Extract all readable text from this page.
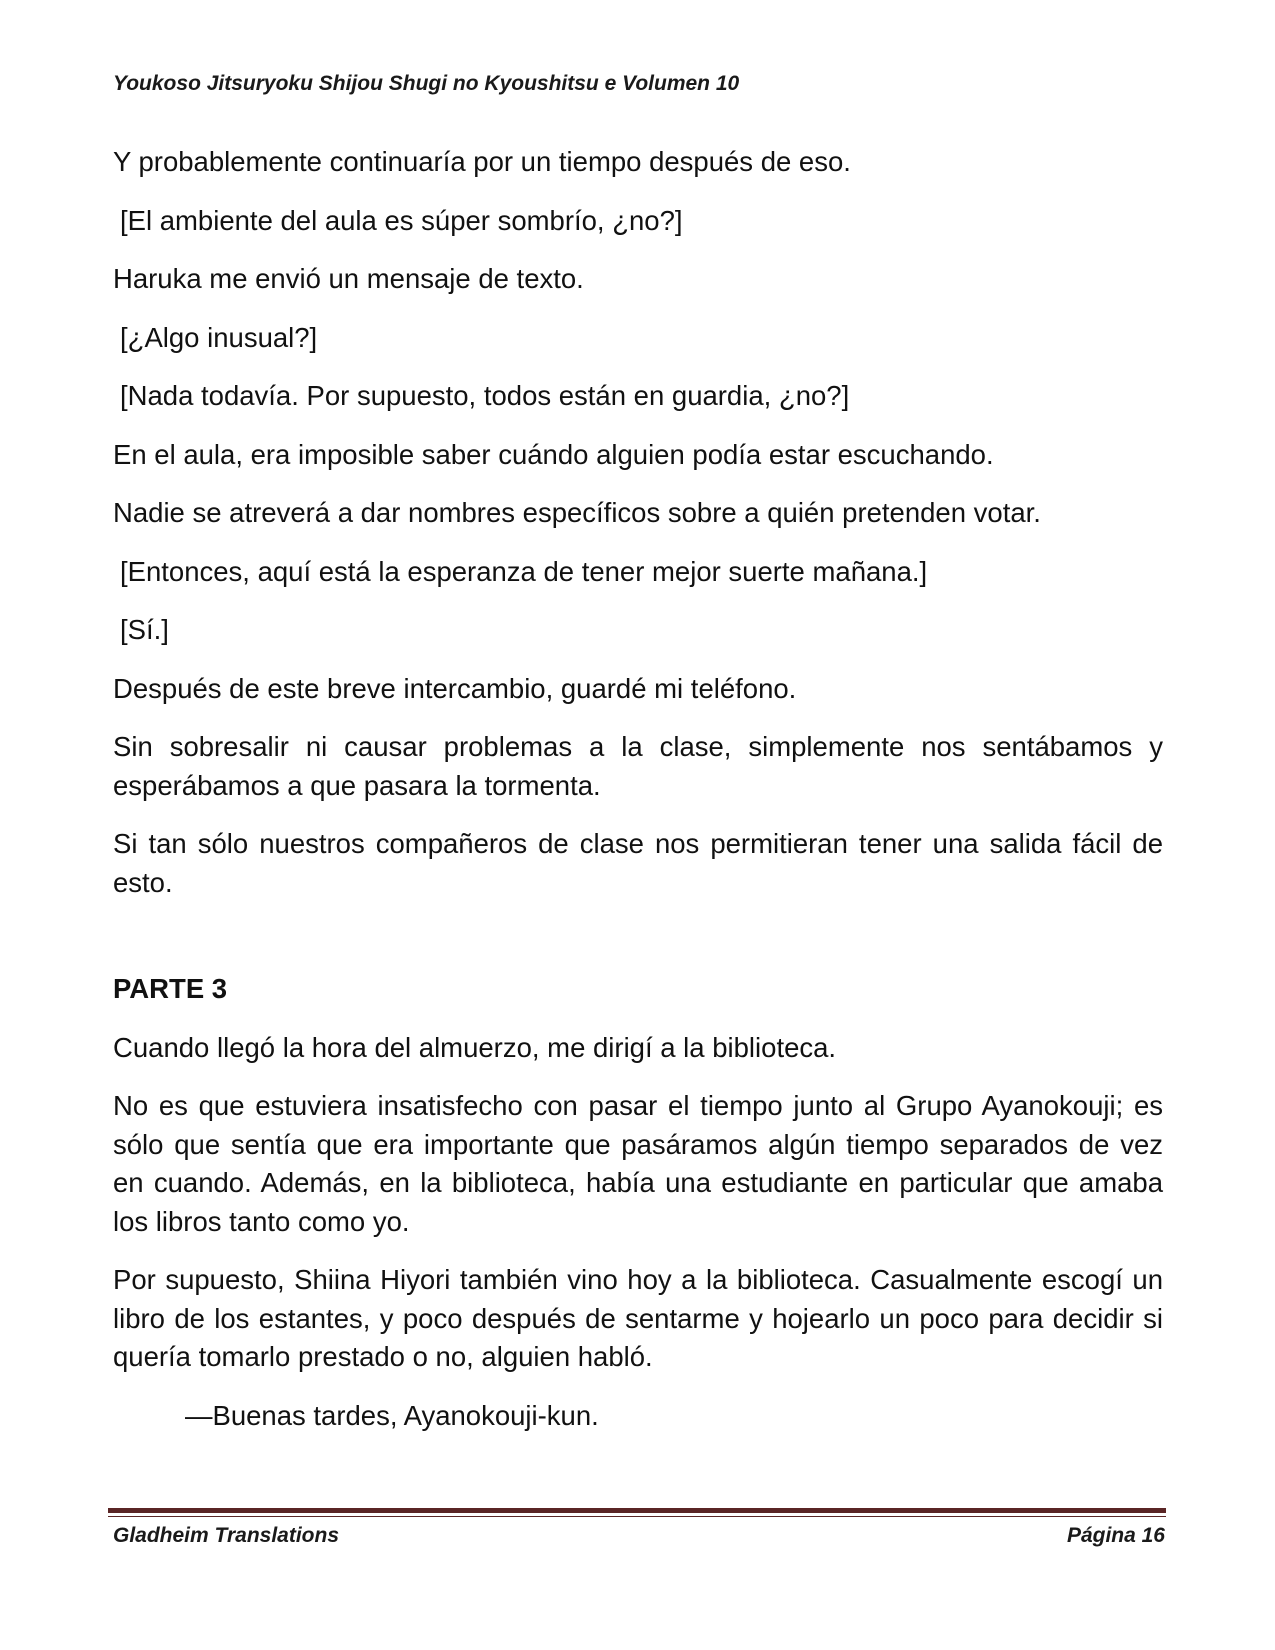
Youkoso Jitsuryoku Shijou Shugi no Kyoushitsu e Volumen 10

Y probablemente continuaría por un tiempo después de eso.

[El ambiente del aula es súper sombrío, ¿no?]

Haruka me envió un mensaje de texto.

[¿Algo inusual?]

[Nada todavía. Por supuesto, todos están en guardia, ¿no?]

En el aula, era imposible saber cuándo alguien podía estar escuchando.

Nadie se atreverá a dar nombres específicos sobre a quién pretenden votar.

[Entonces, aquí está la esperanza de tener mejor suerte mañana.]

[Sí.]

Después de este breve intercambio, guardé mi teléfono.

Sin sobresalir ni causar problemas a la clase, simplemente nos sentábamos y esperábamos a que pasara la tormenta.

Si tan sólo nuestros compañeros de clase nos permitieran tener una salida fácil de esto.

PARTE 3

Cuando llegó la hora del almuerzo, me dirigí a la biblioteca.

No es que estuviera insatisfecho con pasar el tiempo junto al Grupo Ayanokouji; es sólo que sentía que era importante que pasáramos algún tiempo separados de vez en cuando. Además, en la biblioteca, había una estudiante en particular que amaba los libros tanto como yo.

Por supuesto, Shiina Hiyori también vino hoy a la biblioteca. Casualmente escogí un libro de los estantes, y poco después de sentarme y hojearlo un poco para decidir si quería tomarlo prestado o no, alguien habló.

—Buenas tardes, Ayanokouji-kun.

Gladheim Translations	Página 16
